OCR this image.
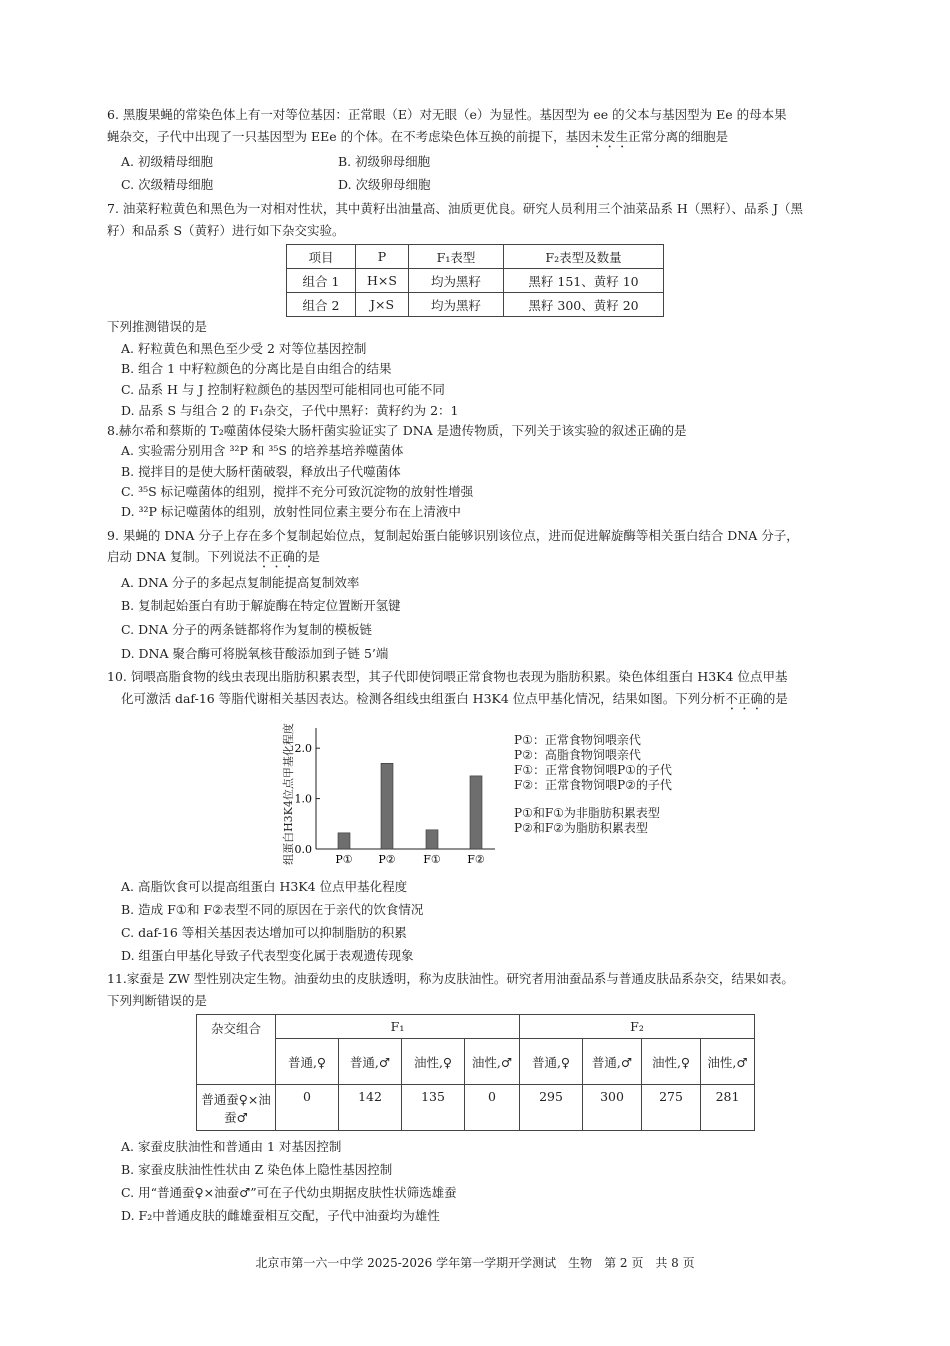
6. 黑腹果蝇的常染色体上有一对等位基因：正常眼（E）对无眼（e）为显性。基因型为 ee 的父本与基因型为 Ee 的母本果
蝇杂交，子代中出现了一只基因型为 EEe 的个体。在不考虑染色体互换的前提下，基因未发生正常分离的细胞是
A. 初级精母细胞	B. 初级卵母细胞
C. 次级精母细胞	D. 次级卵母细胞
7. 油菜籽粒黄色和黑色为一对相对性状，其中黄籽出油量高、油质更优良。研究人员利用三个油菜品系 H（黑籽）、品系 J（黑
籽）和品系 S（黄籽）进行如下杂交实验。
项目	P	F₁表型	F₂表型及数量
组合 1	H×S	均为黑籽	黑籽 151、黄籽 10
组合 2	J×S	均为黑籽	黑籽 300、黄籽 20
下列推测错误的是
A. 籽粒黄色和黑色至少受 2 对等位基因控制
B. 组合 1 中籽粒颜色的分离比是自由组合的结果
C. 品系 H 与 J 控制籽粒颜色的基因型可能相同也可能不同
D. 品系 S 与组合 2 的 F₁杂交，子代中黑籽：黄籽约为 2：1
8.赫尔希和蔡斯的 T₂噬菌体侵染大肠杆菌实验证实了 DNA 是遗传物质，下列关于该实验的叙述正确的是
A. 实验需分别用含 ³²P 和 ³⁵S 的培养基培养噬菌体
B. 搅拌目的是使大肠杆菌破裂，释放出子代噬菌体
C. ³⁵S 标记噬菌体的组别，搅拌不充分可致沉淀物的放射性增强
D. ³²P 标记噬菌体的组别，放射性同位素主要分布在上清液中
9. 果蝇的 DNA 分子上存在多个复制起始位点，复制起始蛋白能够识别该位点，进而促进解旋酶等相关蛋白结合 DNA 分子，
启动 DNA 复制。下列说法不正确的是
A. DNA 分子的多起点复制能提高复制效率
B. 复制起始蛋白有助于解旋酶在特定位置断开氢键
C. DNA 分子的两条链都将作为复制的模板链
D. DNA 聚合酶可将脱氧核苷酸添加到子链 5’端
10. 饲喂高脂食物的线虫表现出脂肪积累表型，其子代即使饲喂正常食物也表现为脂肪积累。染色体组蛋白 H3K4 位点甲基
化可激活 daf-16 等脂代谢相关基因表达。检测各组线虫组蛋白 H3K4 位点甲基化情况，结果如图。下列分析不正确的是
组蛋白H3K4位点甲基化程度 0.0
1.0
2.0
P① P②	F① F②
P①：正常食物饲喂亲代
P②：高脂食物饲喂亲代
F①：正常食物饲喂P①的子代
F②：正常食物饲喂P②的子代
P①和F①为非脂肪积累表型
P②和F②为脂肪积累表型
A. 高脂饮食可以提高组蛋白 H3K4 位点甲基化程度
B. 造成 F①和 F②表型不同的原因在于亲代的饮食情况
C. daf-16 等相关基因表达增加可以抑制脂肪的积累
D. 组蛋白甲基化导致子代表型变化属于表观遗传现象
11.家蚕是 ZW 型性别决定生物。油蚕幼虫的皮肤透明，称为皮肤油性。研究者用油蚕品系与普通皮肤品系杂交，结果如表。
下列判断错误的是
杂交组合	F₁				F₂			
	普通,♀	普通,♂	油性,♀	油性,♂	普通,♀	普通,♂	油性,♀	油性,♂
普通蚕♀×油蚕♂	0	142	135	0	295	300	275	281
A. 家蚕皮肤油性和普通由 1 对基因控制
B. 家蚕皮肤油性性状由 Z 染色体上隐性基因控制
C. 用“普通蚕♀×油蚕♂”可在子代幼虫期据皮肤性状筛选雄蚕
D. F₂中普通皮肤的雌雄蚕相互交配，子代中油蚕均为雄性
北京市第一六一中学 2025-2026 学年第一学期开学测试　生物　第 2 页　共 8 页
